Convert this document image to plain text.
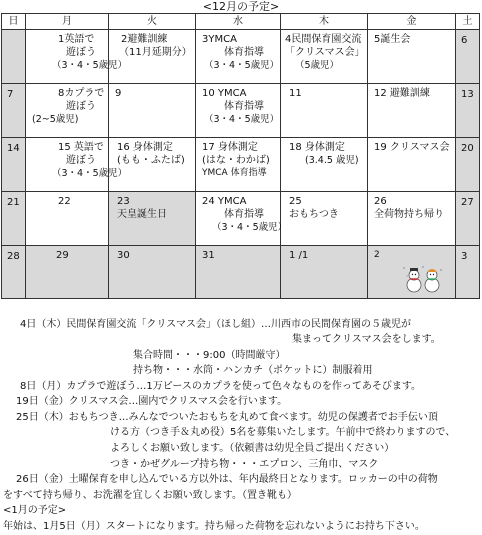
<12月の予定>
日	月	火	水	木	金	土

	1英語で
遊ぼう
（3・4・5歳児）	2避難訓練
（11月延期分）	3YMCA
体育指導
（3・4・5歳児）	4民間保育園交流
「クリスマス会」
（5歳児）	5誕生会	6

7	8カプラで
遊ぼう
(2~5歳児)	9	10 YMCA
体育指導
（3・4・5歳児）	11	12 避難訓練	13

14	15 英語で
遊ぼう
（3・4・5歳児）	16 身体測定
(もも・ふたば)	17 身体測定
(はな・わかば)
YMCA 体育指導	18 身体測定
(3.4.5 歳児)	19 クリスマス会	20

21	22	23
天皇誕生日	24 YMCA
体育指導
（3・4・5歳児）	25
おもちつき	26
全荷物持ち帰り	27

28	29	30	31	1 /1	2	3
4日（木）民間保育園交流「クリスマス会」（ほし組）…川西市の民間保育園の５歳児が
集まってクリスマス会をします。
集合時間・・・9:00（時間厳守）
持ち物・・・水筒・ハンカチ（ポケットに）制服着用
8日（月）カプラで遊ぼう…1万ピースのカプラを使って色々なものを作ってあそびます。
19日（金）クリスマス会…園内でクリスマス会を行います。
25日（木）おもちつき…みんなでついたおもちを丸めて食べます。幼児の保護者でお手伝い頂
ける方（つき手＆丸め役）5名を募集いたします。午前中で終わりますので、
よろしくお願い致します。（依頼書は幼児全員ご提出ください）
つき・かぜグループ持ち物・・・エプロン、三角巾、マスク
26日（金）土曜保育を申し込んでいる方以外は、年内最終日となります。ロッカーの中の荷物
をすべて持ち帰り、お洗濯を宜しくお願い致します。（置き靴も）
<1月の予定>
年始は、1月5日（月）スタートになります。持ち帰った荷物を忘れないようにお持ち下さい。
